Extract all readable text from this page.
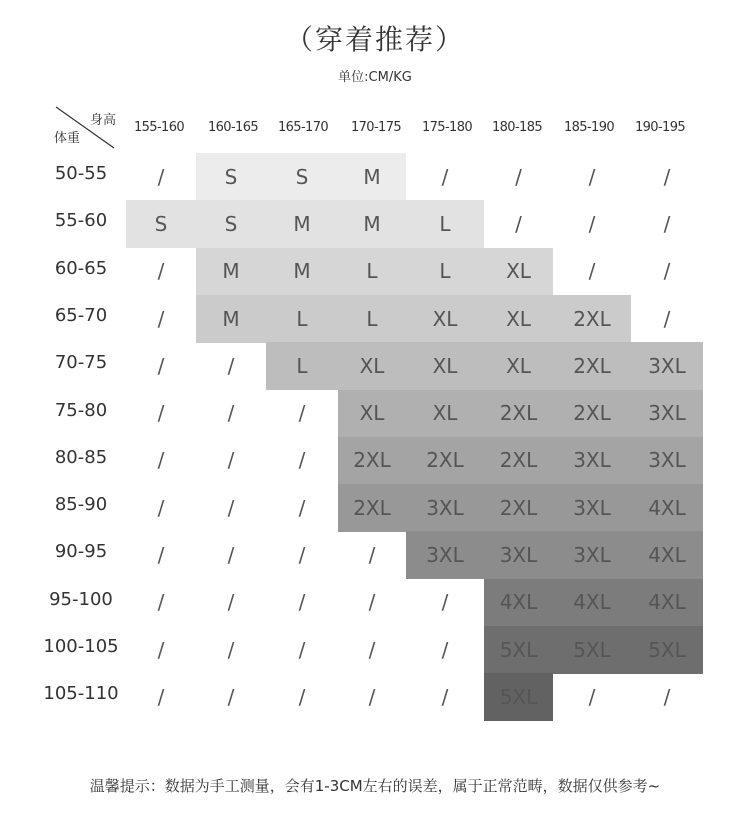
（穿着推荐）
单位:CM/KG
身高
体重
155-160	160-165	165-170	170-175	175-180	180-185	185-190	190-195
50-55	/	S	S	M	/	/	/	/
55-60	S	S	M	M	L	/	/	/
60-65	/	M	M	L	L	XL	/	/
65-70	/	M	L	L	XL	XL	2XL	/
70-75	/	/	L	XL	XL	XL	2XL	3XL
75-80	/	/	/	XL	XL	2XL	2XL	3XL
80-85	/	/	/	2XL	2XL	2XL	3XL	3XL
85-90	/	/	/	2XL	3XL	2XL	3XL	4XL
90-95	/	/	/	/	3XL	3XL	3XL	4XL
95-100	/	/	/	/	/	4XL	4XL	4XL
100-105	/	/	/	/	/	5XL	5XL	5XL
105-110	/	/	/	/	/	5XL	/	/
温馨提示：数据为手工测量，会有1-3CM左右的误差，属于正常范畴，数据仅供参考~
